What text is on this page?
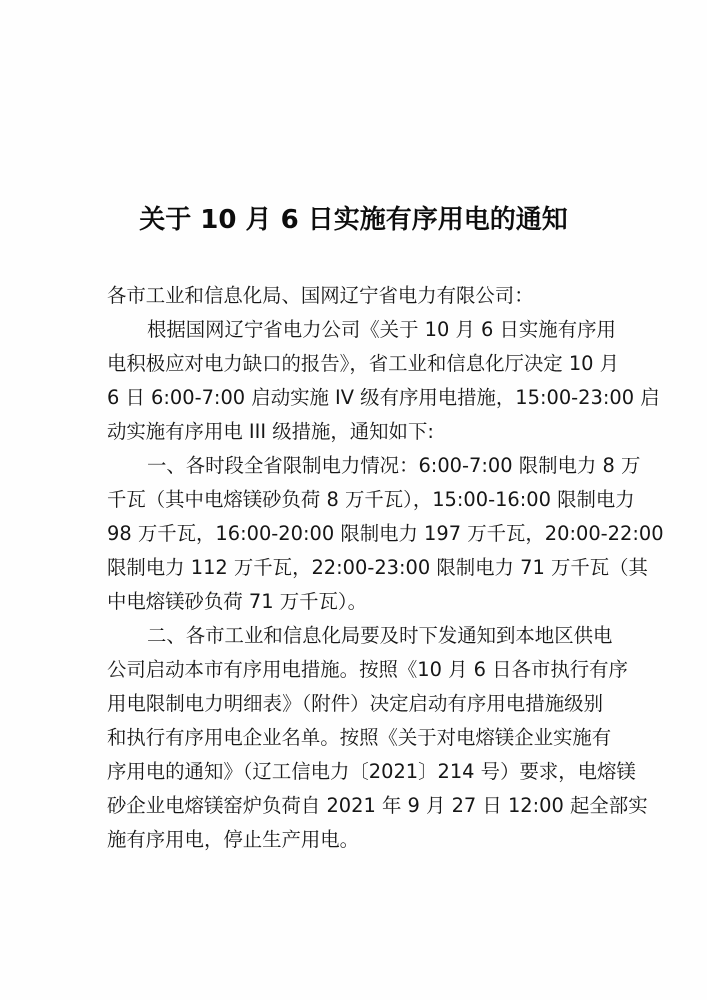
关于 10 月 6 日实施有序用电的通知
各市工业和信息化局、国网辽宁省电力有限公司：
根据国网辽宁省电力公司《关于 10 月 6 日实施有序用
电积极应对电力缺口的报告》，省工业和信息化厅决定 10 月
6 日 6:00-7:00 启动实施 IV 级有序用电措施，15:00-23:00 启
动实施有序用电 III 级措施，通知如下:
一、各时段全省限制电力情况：6:00-7:00 限制电力 8 万
千瓦（其中电熔镁砂负荷 8 万千瓦），15:00-16:00 限制电力
98 万千瓦，16:00-20:00 限制电力 197 万千瓦，20:00-22:00
限制电力 112 万千瓦，22:00-23:00 限制电力 71 万千瓦（其
中电熔镁砂负荷 71 万千瓦）。
二、各市工业和信息化局要及时下发通知到本地区供电
公司启动本市有序用电措施。按照《10 月 6 日各市执行有序
用电限制电力明细表》（附件）决定启动有序用电措施级别
和执行有序用电企业名单。按照《关于对电熔镁企业实施有
序用电的通知》（辽工信电力〔2021〕214 号）要求，电熔镁
砂企业电熔镁窑炉负荷自 2021 年 9 月 27 日 12:00 起全部实
施有序用电，停止生产用电。
